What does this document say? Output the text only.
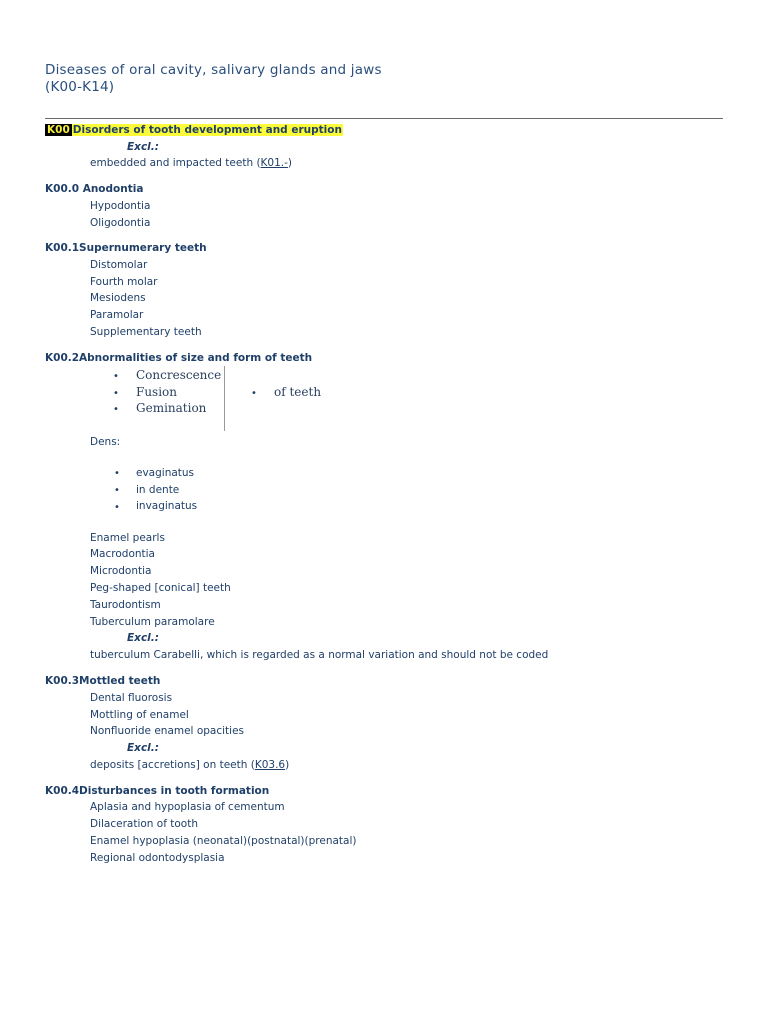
Diseases of oral cavity, salivary glands and jaws
(K00-K14)
K00 Disorders of tooth development and eruption
Excl.:
embedded and impacted teeth (K01.-)
K00.0 Anodontia
Hypodontia
Oligodontia
K00.1Supernumerary teeth
Distomolar
Fourth molar
Mesiodens
Paramolar
Supplementary teeth
K00.2Abnormalities of size and form of teeth
• Concrescence
• Fusion
• Gemination
• of teeth
Dens:
• evaginatus
• in dente
• invaginatus
Enamel pearls
Macrodontia
Microdontia
Peg-shaped [conical] teeth
Taurodontism
Tuberculum paramolare
Excl.:
tuberculum Carabelli, which is regarded as a normal variation and should not be coded
K00.3Mottled teeth
Dental fluorosis
Mottling of enamel
Nonfluoride enamel opacities
Excl.:
deposits [accretions] on teeth (K03.6)
K00.4Disturbances in tooth formation
Aplasia and hypoplasia of cementum
Dilaceration of tooth
Enamel hypoplasia (neonatal)(postnatal)(prenatal)
Regional odontodysplasia
